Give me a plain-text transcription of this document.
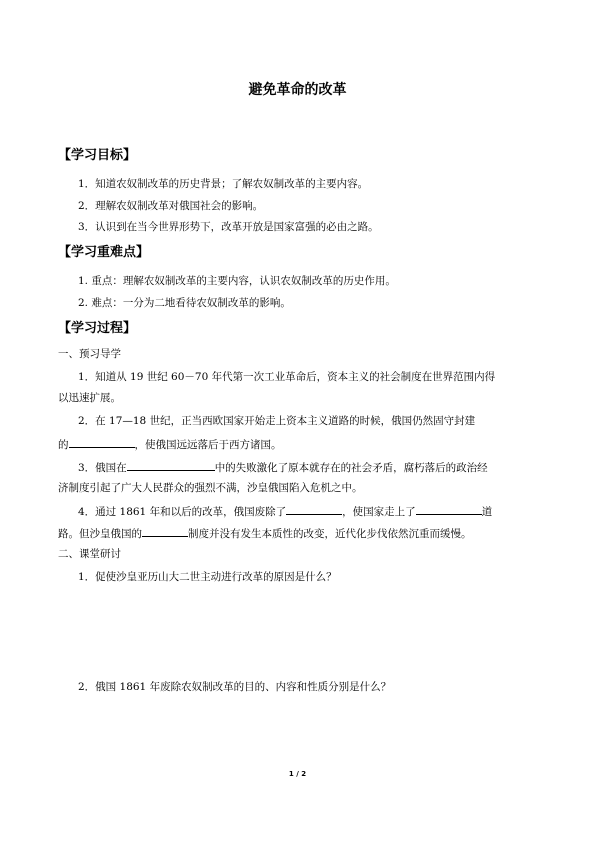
避免革命的改革
【学习目标】
1．知道农奴制改革的历史背景；了解农奴制改革的主要内容。
2．理解农奴制改革对俄国社会的影响。
3．认识到在当今世界形势下，改革开放是国家富强的必由之路。
【学习重难点】
1. 重点：理解农奴制改革的主要内容，认识农奴制改革的历史作用。
2. 难点：一分为二地看待农奴制改革的影响。
【学习过程】
一、预习导学
1．知道从 19 世纪 60－70 年代第一次工业革命后，资本主义的社会制度在世界范围内得
以迅速扩展。
2．在 17—18 世纪，正当西欧国家开始走上资本主义道路的时候，俄国仍然固守封建
的	，使俄国远远落后于西方诸国。
3．俄国在	中的失败激化了原本就存在的社会矛盾，腐朽落后的政治经
济制度引起了广大人民群众的强烈不满，沙皇俄国陷入危机之中。
4．通过 1861 年和以后的改革，俄国废除了	，使国家走上了	道
路。但沙皇俄国的	制度并没有发生本质性的改变，近代化步伐依然沉重而缓慢。
二、课堂研讨
1．促使沙皇亚历山大二世主动进行改革的原因是什么？
2．俄国 1861 年废除农奴制改革的目的、内容和性质分别是什么？
1 / 2
